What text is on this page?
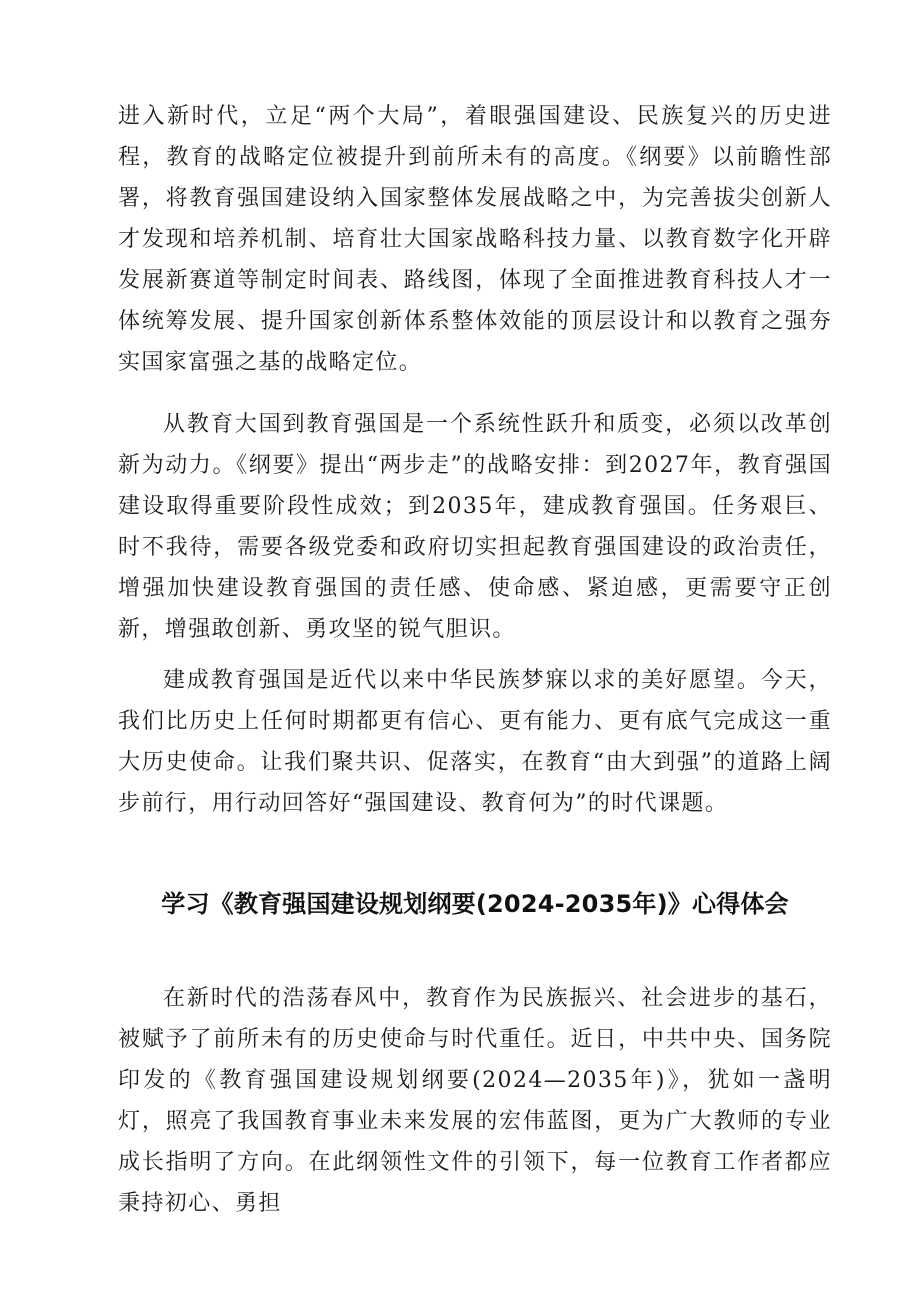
进入新时代，立足“两个大局”，着眼强国建设、民族复兴的历史进程，教育的战略定位被提升到前所未有的高度。《纲要》以前瞻性部署，将教育强国建设纳入国家整体发展战略之中，为完善拔尖创新人才发现和培养机制、培育壮大国家战略科技力量、以教育数字化开辟发展新赛道等制定时间表、路线图，体现了全面推进教育科技人才一体统筹发展、提升国家创新体系整体效能的顶层设计和以教育之强夯实国家富强之基的战略定位。

从教育大国到教育强国是一个系统性跃升和质变，必须以改革创新为动力。《纲要》提出“两步走”的战略安排：到2027年，教育强国建设取得重要阶段性成效；到2035年，建成教育强国。任务艰巨、时不我待，需要各级党委和政府切实担起教育强国建设的政治责任，增强加快建设教育强国的责任感、使命感、紧迫感，更需要守正创新，增强敢创新、勇攻坚的锐气胆识。

建成教育强国是近代以来中华民族梦寐以求的美好愿望。今天，我们比历史上任何时期都更有信心、更有能力、更有底气完成这一重大历史使命。让我们聚共识、促落实，在教育“由大到强”的道路上阔步前行，用行动回答好“强国建设、教育何为”的时代课题。

学习《教育强国建设规划纲要(2024-2035年)》心得体会

在新时代的浩荡春风中，教育作为民族振兴、社会进步的基石，被赋予了前所未有的历史使命与时代重任。近日，中共中央、国务院印发的《教育强国建设规划纲要(2024—2035年)》，犹如一盏明灯，照亮了我国教育事业未来发展的宏伟蓝图，更为广大教师的专业成长指明了方向。在此纲领性文件的引领下，每一位教育工作者都应秉持初心、勇担
